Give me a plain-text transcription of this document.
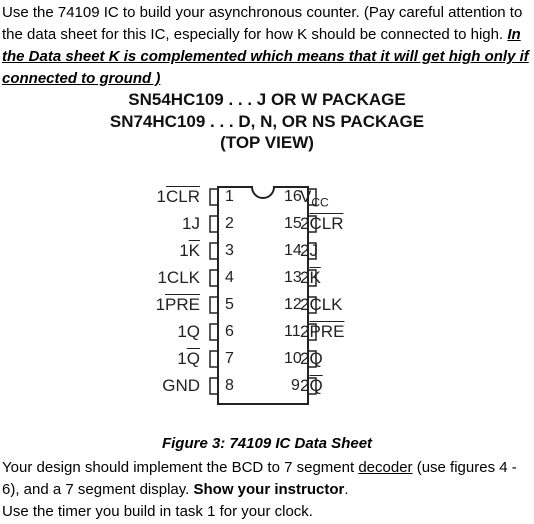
Use the 74109 IC to build your asynchronous counter. (Pay careful attention to the data sheet for this IC, especially for how K should be connected to high. In the Data sheet K is complemented which means that it will get high only if connected to ground )

SN54HC109 . . . J OR W PACKAGE
SN74HC109 . . . D, N, OR NS PACKAGE
(TOP VIEW)
Figure 3: 74109 IC Data Sheet

Your design should implement the BCD to 7 segment decoder (use figures 4 - 6), and a 7 segment display. Show your instructor.

Use the timer you build in task 1 for your clock.

$1\overline{CLR}$ 1
1J 2
$1\overline{K}$ 3
1CLK 4
$1\overline{PRE}$ 5
1Q 6
$1\overline{Q}$ 7
GND 8
$V_{CC}$
16
$2\overline{CLR}$
15
2J
14
$2\overline{K}$
13
2CLK
12
$2\overline{PRE}$
11
2Q
10
$2\overline{Q}$
9
